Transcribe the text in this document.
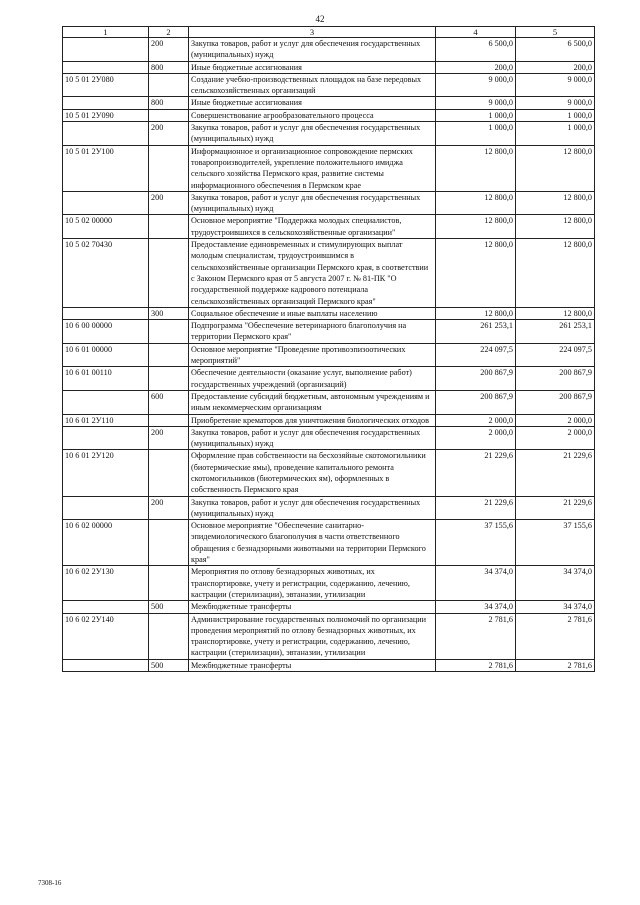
42
1	2	3	4	5
	200	Закупка товаров, работ и услуг для обеспечения государственных (муниципальных) нужд	6 500,0	6 500,0
	800	Иные бюджетные ассигнования	200,0	200,0
10 5 01 2У080		Создание учебно-производственных площадок на базе передовых сельскохозяйственных организаций	9 000,0	9 000,0
	800	Иные бюджетные ассигнования	9 000,0	9 000,0
10 5 01 2У090		Совершенствование агрообразовательного процесса	1 000,0	1 000,0
	200	Закупка товаров, работ и услуг для обеспечения государственных (муниципальных) нужд	1 000,0	1 000,0
10 5 01 2У100		Информационное и организационное сопровождение пермских товаропроизводителей, укрепление положительного имиджа сельского хозяйства Пермского края, развитие системы информационного обеспечения в Пермском крае	12 800,0	12 800,0
	200	Закупка товаров, работ и услуг для обеспечения государственных (муниципальных) нужд	12 800,0	12 800,0
10 5 02 00000		Основное мероприятие "Поддержка молодых специалистов, трудоустроившихся в сельскохозяйственные организации"	12 800,0	12 800,0
10 5 02 70430		Предоставление единовременных и стимулирующих выплат молодым специалистам, трудоустроившимся в сельскохозяйственные организации Пермского края, в соответствии с Законом Пермского края от 5 августа 2007 г. № 81-ПК "О государственной поддержке кадрового потенциала сельскохозяйственных организаций Пермского края"	12 800,0	12 800,0
	300	Социальное обеспечение и иные выплаты населению	12 800,0	12 800,0
10 6 00 00000		Подпрограмма "Обеспечение ветеринарного благополучия на территории Пермского края"	261 253,1	261 253,1
10 6 01 00000		Основное мероприятие "Проведение противоэпизоотических мероприятий"	224 097,5	224 097,5
10 6 01 00110		Обеспечение деятельности (оказание услуг, выполнение работ) государственных учреждений (организаций)	200 867,9	200 867,9
	600	Предоставление субсидий бюджетным, автономным учреждениям и иным некоммерческим организациям	200 867,9	200 867,9
10 6 01 2У110		Приобретение крематоров для уничтожения биологических отходов	2 000,0	2 000,0
	200	Закупка товаров, работ и услуг для обеспечения государственных (муниципальных) нужд	2 000,0	2 000,0
10 6 01 2У120		Оформление прав собственности на бесхозяйные скотомогильники (биотермические ямы), проведение капитального ремонта скотомогильников (биотермических ям), оформленных в собственность Пермского края	21 229,6	21 229,6
	200	Закупка товаров, работ и услуг для обеспечения государственных (муниципальных) нужд	21 229,6	21 229,6
10 6 02 00000		Основное мероприятие "Обеспечение санитарно-эпидемиологического благополучия в части ответственного обращения с безнадзорными животными на территории Пермского края"	37 155,6	37 155,6
10 6 02 2У130		Мероприятия по отлову безнадзорных животных, их транспортировке, учету и регистрации, содержанию, лечению, кастрации (стерилизации), эвтаназии, утилизации	34 374,0	34 374,0
	500	Межбюджетные трансферты	34 374,0	34 374,0
10 6 02 2У140		Администрирование государственных полномочий по организации проведения мероприятий по отлову безнадзорных животных, их транспортировке, учету и регистрации, содержанию, лечению, кастрации (стерилизации), эвтаназии, утилизации	2 781,6	2 781,6
	500	Межбюджетные трансферты	2 781,6	2 781,6
7308-16
